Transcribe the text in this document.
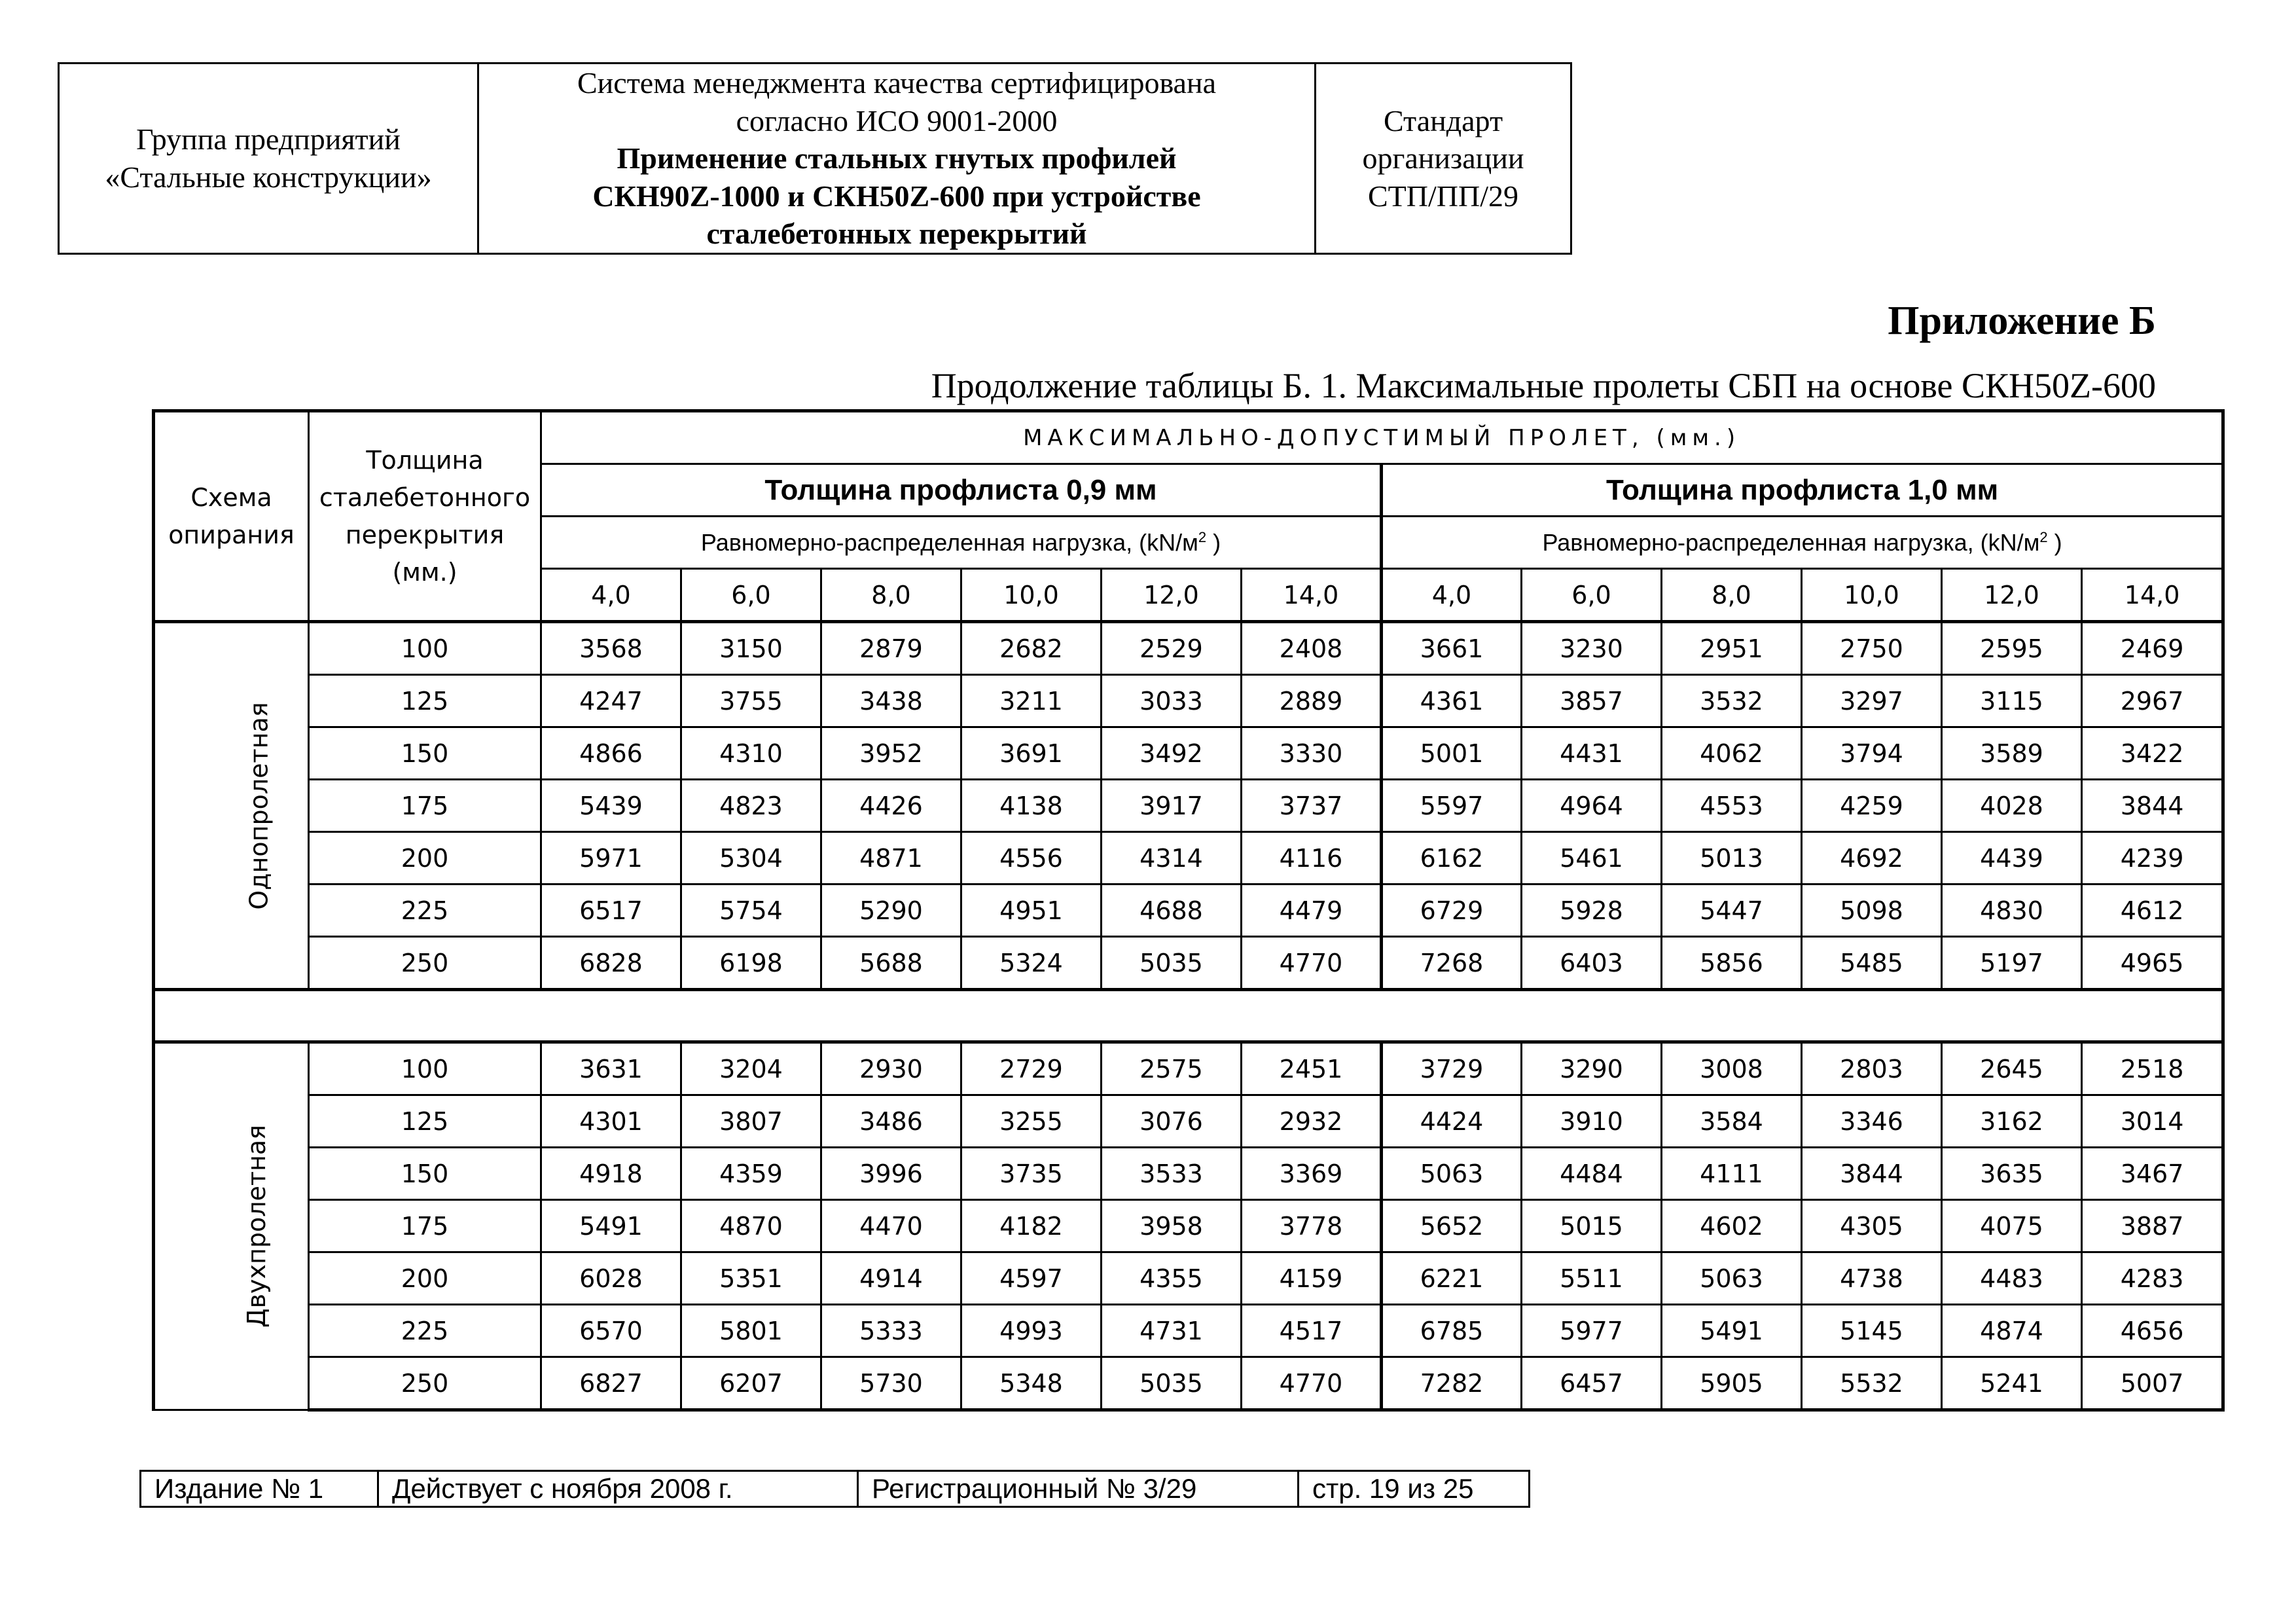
Группа предприятий
«Стальные конструкции»

Система менеджмента качества сертифицирована
согласно ИСО 9001-2000
Применение стальных гнутых профилей
СКН90Z-1000 и СКН50Z-600 при устройстве
сталебетонных перекрытий

Стандарт
организации
СТП/ПП/29
Приложение Б
Продолжение таблицы Б. 1. Максимальные пролеты СБП на основе СКН50Z-600
Схема опирания	Толщина сталебетонного перекрытия (мм.)	МАКСИМАЛЬНО-ДОПУСТИМЫЙ ПРОЛЕТ, (мм.)											
		Толщина профлиста 0,9 мм						Толщина профлиста 1,0 мм					
		Равномерно-распределенная нагрузка, ($kN/м^2$ )						Равномерно-распределенная нагрузка, ($kN/м^2$ )					
		4,0	6,0	8,0	10,0	12,0	14,0	4,0	6,0	8,0	10,0	12,0	14,0
Однопролетная	100	3568	3150	2879	2682	2529	2408	3661	3230	2951	2750	2595	2469
	125	4247	3755	3438	3211	3033	2889	4361	3857	3532	3297	3115	2967
	150	4866	4310	3952	3691	3492	3330	5001	4431	4062	3794	3589	3422
	175	5439	4823	4426	4138	3917	3737	5597	4964	4553	4259	4028	3844
	200	5971	5304	4871	4556	4314	4116	6162	5461	5013	4692	4439	4239
	225	6517	5754	5290	4951	4688	4479	6729	5928	5447	5098	4830	4612
	250	6828	6198	5688	5324	5035	4770	7268	6403	5856	5485	5197	4965

Двухпролетная	100	3631	3204	2930	2729	2575	2451	3729	3290	3008	2803	2645	2518
	125	4301	3807	3486	3255	3076	2932	4424	3910	3584	3346	3162	3014
	150	4918	4359	3996	3735	3533	3369	5063	4484	4111	3844	3635	3467
	175	5491	4870	4470	4182	3958	3778	5652	5015	4602	4305	4075	3887
	200	6028	5351	4914	4597	4355	4159	6221	5511	5063	4738	4483	4283
	225	6570	5801	5333	4993	4731	4517	6785	5977	5491	5145	4874	4656
	250	6827	6207	5730	5348	5035	4770	7282	6457	5905	5532	5241	5007
Издание № 1	Действует с ноября 2008 г.	Регистрационный № 3/29	стр. 19 из 25
